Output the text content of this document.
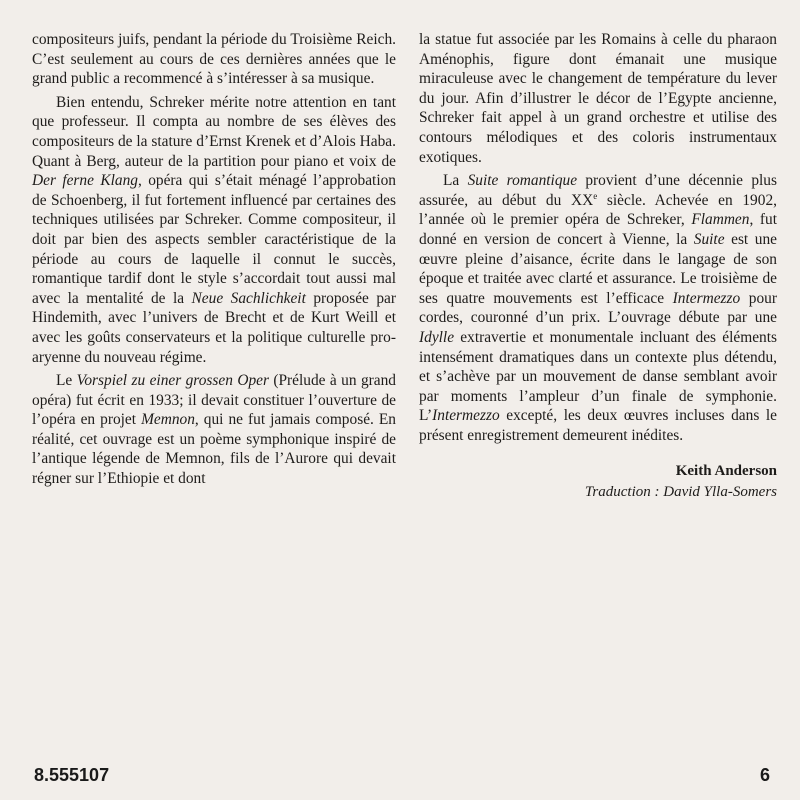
compositeurs juifs, pendant la période du Troisième Reich. C’est seulement au cours de ces dernières années que le grand public a recommencé à s’intéresser à sa musique.

Bien entendu, Schreker mérite notre attention en tant que professeur. Il compta au nombre de ses élèves des compositeurs de la stature d’Ernst Krenek et d’Alois Haba. Quant à Berg, auteur de la partition pour piano et voix de Der ferne Klang, opéra qui s’était ménagé l’approbation de Schoenberg, il fut fortement influencé par certaines des techniques utilisées par Schreker. Comme compositeur, il doit par bien des aspects sembler caractéristique de la période au cours de laquelle il connut le succès, romantique tardif dont le style s’accordait tout aussi mal avec la mentalité de la Neue Sachlichkeit proposée par Hindemith, avec l’univers de Brecht et de Kurt Weill et avec les goûts conservateurs et la politique culturelle pro-aryenne du nouveau régime.

Le Vorspiel zu einer grossen Oper (Prélude à un grand opéra) fut écrit en 1933; il devait constituer l’ouverture de l’opéra en projet Memnon, qui ne fut jamais composé. En réalité, cet ouvrage est un poème symphonique inspiré de l’antique légende de Memnon, fils de l’Aurore qui devait régner sur l’Ethiopie et dont

la statue fut associée par les Romains à celle du pharaon Aménophis, figure dont émanait une musique miraculeuse avec le changement de température du lever du jour. Afin d’illustrer le décor de l’Egypte ancienne, Schreker fait appel à un grand orchestre et utilise des contours mélodiques et des coloris instrumentaux exotiques.

La Suite romantique provient d’une décennie plus assurée, au début du XXe siècle. Achevée en 1902, l’année où le premier opéra de Schreker, Flammen, fut donné en version de concert à Vienne, la Suite est une œuvre pleine d’aisance, écrite dans le langage de son époque et traitée avec clarté et assurance. Le troisième de ses quatre mouvements est l’efficace Intermezzo pour cordes, couronné d’un prix. L’ouvrage débute par une Idylle extravertie et monumentale incluant des éléments intensément dramatiques dans un contexte plus détendu, et s’achève par un mouvement de danse semblant avoir par moments l’ampleur d’un finale de symphonie. L’Intermezzo excepté, les deux œuvres incluses dans le présent enregistrement demeurent inédites.

Keith Anderson
Traduction : David Ylla-Somers
8.555107	6
